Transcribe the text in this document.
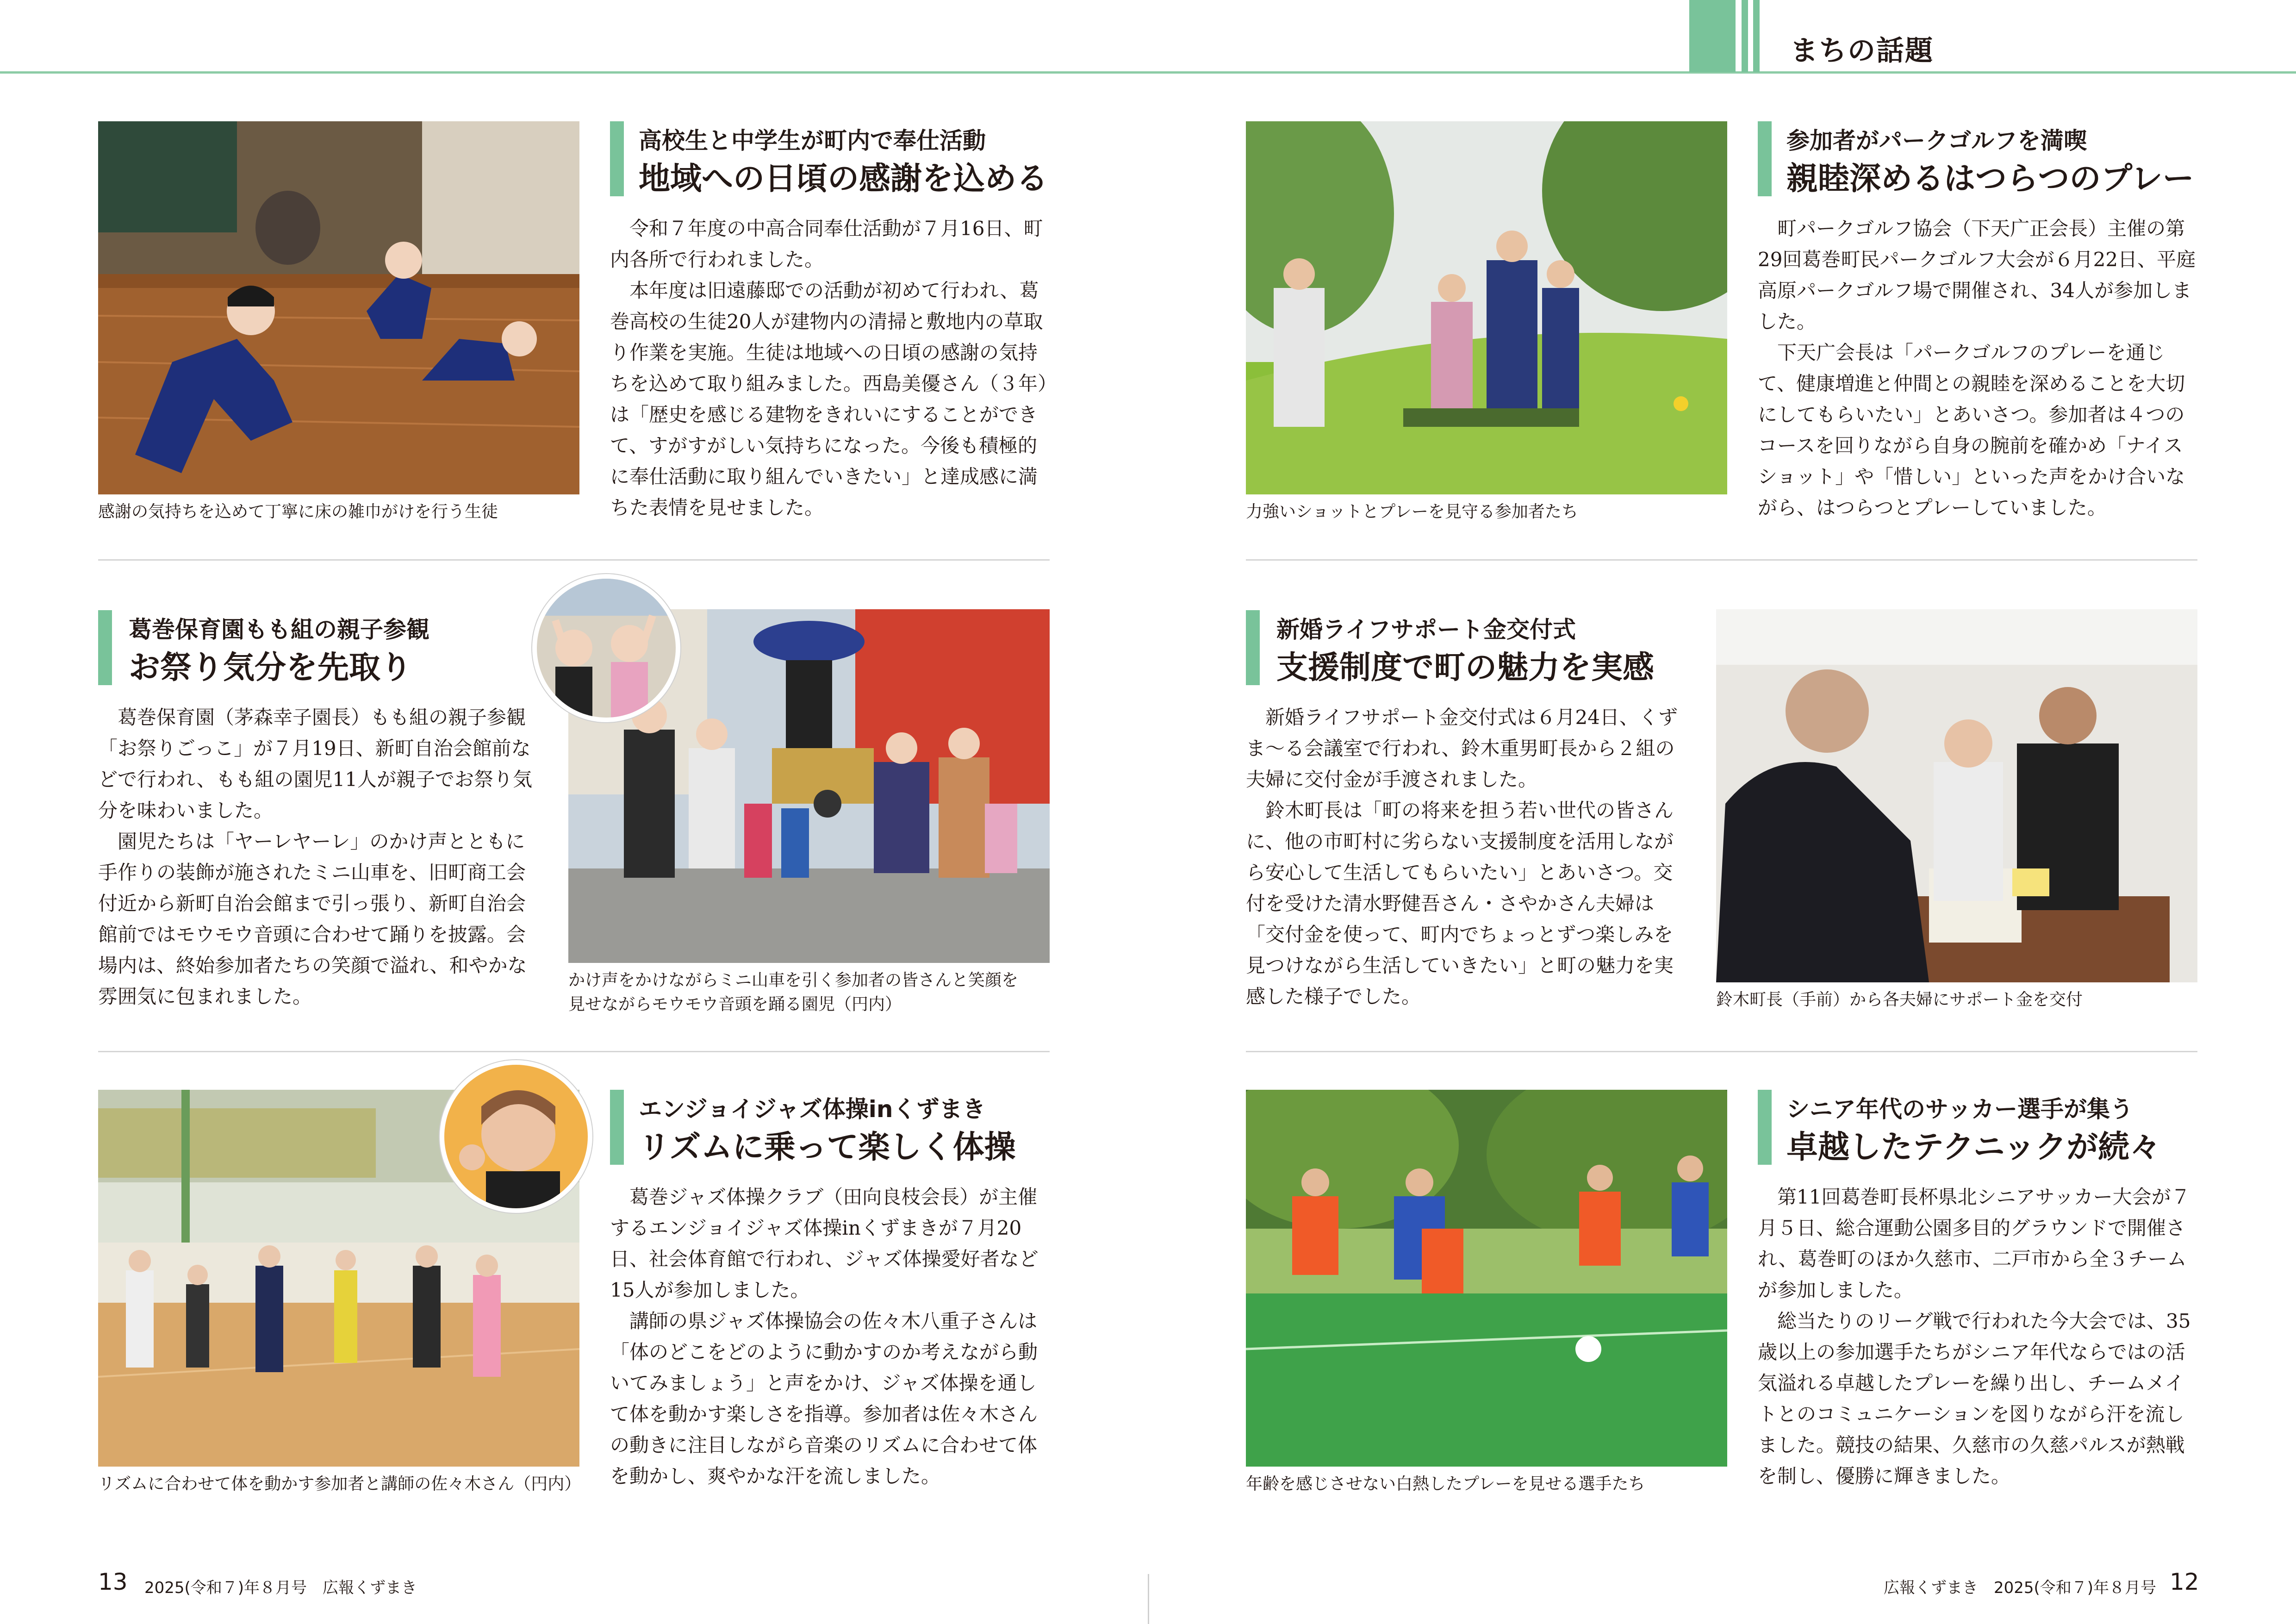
まちの話題
感謝の気持ちを込めて丁寧に床の雑巾がけを行う生徒
高校生と中学生が町内で奉仕活動
地域への日頃の感謝を込める

令和７年度の中高合同奉仕活動が７月16日、町内各所で行われました。

本年度は旧遠藤邸での活動が初めて行われ、葛巻高校の生徒20人が建物内の清掃と敷地内の草取り作業を実施。生徒は地域への日頃の感謝の気持ちを込めて取り組みました。西島美優さん（３年）は「歴史を感じる建物をきれいにすることができて、すがすがしい気持ちになった。今後も積極的に奉仕活動に取り組んでいきたい」と達成感に満ちた表情を見せました。

葛巻保育園もも組の親子参観
お祭り気分を先取り

葛巻保育園（茅森幸子園長）もも組の親子参観「お祭りごっこ」が７月19日、新町自治会館前などで行われ、もも組の園児11人が親子でお祭り気分を味わいました。

園児たちは「ヤーレヤーレ」のかけ声とともに手作りの装飾が施されたミニ山車を、旧町商工会付近から新町自治会館まで引っ張り、新町自治会館前ではモウモウ音頭に合わせて踊りを披露。会場内は、終始参加者たちの笑顔で溢れ、和やかな雰囲気に包まれました。

かけ声をかけながらミニ山車を引く参加者の皆さんと笑顔を
見せながらモウモウ音頭を踊る園児（円内）
リズムに合わせて体を動かす参加者と講師の佐々木さん（円内）
エンジョイジャズ体操inくずまき
リズムに乗って楽しく体操

葛巻ジャズ体操クラブ（田向良枝会長）が主催するエンジョイジャズ体操inくずまきが７月20日、社会体育館で行われ、ジャズ体操愛好者など15人が参加しました。

講師の県ジャズ体操協会の佐々木八重子さんは「体のどこをどのように動かすのか考えながら動いてみましょう」と声をかけ、ジャズ体操を通して体を動かす楽しさを指導。参加者は佐々木さんの動きに注目しながら音楽のリズムに合わせて体を動かし、爽やかな汗を流しました。

力強いショットとプレーを見守る参加者たち
参加者がパークゴルフを満喫
親睦深めるはつらつのプレー

町パークゴルフ協会（下天广正会長）主催の第29回葛巻町民パークゴルフ大会が６月22日、平庭高原パークゴルフ場で開催され、34人が参加しました。

下天广会長は「パークゴルフのプレーを通じて、健康増進と仲間との親睦を深めることを大切にしてもらいたい」とあいさつ。参加者は４つのコースを回りながら自身の腕前を確かめ「ナイスショット」や「惜しい」といった声をかけ合いながら、はつらつとプレーしていました。

新婚ライフサポート金交付式
支援制度で町の魅力を実感

新婚ライフサポート金交付式は６月24日、くずま～る会議室で行われ、鈴木重男町長から２組の夫婦に交付金が手渡されました。

鈴木町長は「町の将来を担う若い世代の皆さんに、他の市町村に劣らない支援制度を活用しながら安心して生活してもらいたい」とあいさつ。交付を受けた清水野健吾さん・さやかさん夫婦は「交付金を使って、町内でちょっとずつ楽しみを見つけながら生活していきたい」と町の魅力を実感した様子でした。	鈴木町長（手前）から各夫婦にサポート金を交付
年齢を感じさせない白熱したプレーを見せる選手たち
シニア年代のサッカー選手が集う
卓越したテクニックが続々

第11回葛巻町長杯県北シニアサッカー大会が７月５日、総合運動公園多目的グラウンドで開催され、葛巻町のほか久慈市、二戸市から全３チームが参加しました。

総当たりのリーグ戦で行われた今大会では、35歳以上の参加選手たちがシニア年代ならではの活気溢れる卓越したプレーを繰り出し、チームメイトとのコミュニケーションを図りながら汗を流しました。競技の結果、久慈市の久慈パルスが熱戦を制し、優勝に輝きました。

13 2025(令和７)年８月号　広報くずまき	広報くずまき　2025(令和７)年８月号 12
